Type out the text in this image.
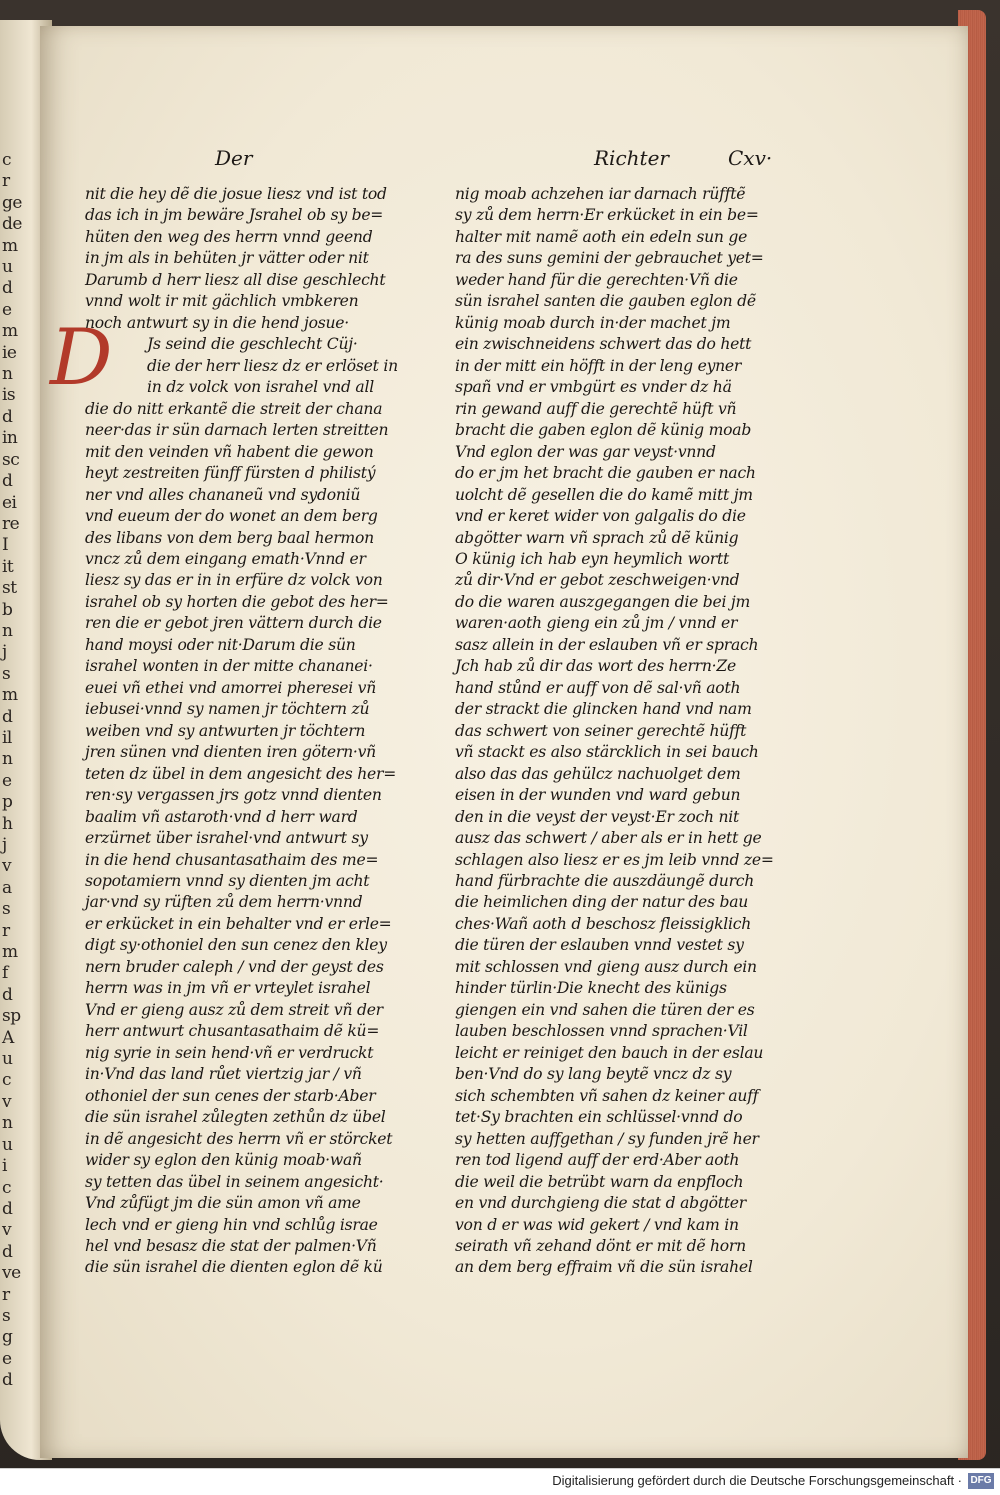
c
r
ge
de
m
u
d
e
m
ie
n
is
d
in
sc
d
ei
re
I
it
st
b
n
j
s
m
d
il
n
e
p
h
j
v
a
s
r
m
f
d
sp
A
u
c
v
n
u
i
c
d
v
d
ve
r
s
g
e
d
Der	Richter	Cxv·
D
nit die hey dẽ die josue liesz vnd ist tod
das ich in jm bewäre Jsrahel ob sy be=
hüten den weg des herrn vnnd geend
in jm als in behüten jr vätter oder nit
Darumb d herr liesz all dise geschlecht
vnnd wolt ir mit gächlich vmbkeren
noch antwurt sy in die hend josue·
Js seind die geschlecht Cüj·
die der herr liesz dz er erlöset in
in dz volck von israhel vnd all
die do nitt erkantẽ die streit der chana
neer·das ir sün darnach lerten streitten
mit den veinden vñ habent die gewon
heyt zestreiten fünff fürsten d philistý
ner vnd alles chananeũ vnd sydoniũ
vnd eueum der do wonet an dem berg
des libans von dem berg baal hermon
vncz zů dem eingang emath·Vnnd er
liesz sy das er in in erfüre dz volck von
israhel ob sy horten die gebot des her=
ren die er gebot jren vättern durch die
hand moysi oder nit·Darum die sün
israhel wonten in der mitte chananei·
euei vñ ethei vnd amorrei pheresei vñ
iebusei·vnnd sy namen jr töchtern zů
weiben vnd sy antwurten jr töchtern
jren sünen vnd dienten iren götern·vñ
teten dz übel in dem angesicht des her=
ren·sy vergassen jrs gotz vnnd dienten
baalim vñ astaroth·vnd d herr ward
erzürnet über israhel·vnd antwurt sy
in die hend chusantasathaim des me=
sopotamiern vnnd sy dienten jm acht
jar·vnd sy rüften zů dem herrn·vnnd
er erkücket in ein behalter vnd er erle=
digt sy·othoniel den sun cenez den kley
nern bruder caleph / vnd der geyst des
herrn was in jm vñ er vrteylet israhel
Vnd er gieng ausz zů dem streit vñ der
herr antwurt chusantasathaim dẽ kü=
nig syrie in sein hend·vñ er verdruckt
in·Vnd das land růet viertzig jar / vñ
othoniel der sun cenes der starb·Aber
die sün israhel zůlegten zethůn dz übel
in dẽ angesicht des herrn vñ er störcket
wider sy eglon den künig moab·wañ
sy tetten das übel in seinem angesicht·
Vnd zůfügt jm die sün amon vñ ame
lech vnd er gieng hin vnd schlůg israe
hel vnd besasz die stat der palmen·Vñ
die sün israhel die dienten eglon dẽ kü
nig moab achzehen iar darnach rüfftẽ
sy zů dem herrn·Er erkücket in ein be=
halter mit namẽ aoth ein edeln sun ge
ra des suns gemini der gebrauchet yet=
weder hand für die gerechten·Vñ die
sün israhel santen die gauben eglon dẽ
künig moab durch in·der machet jm
ein zwischneidens schwert das do hett
in der mitt ein höfft in der leng eyner
spañ vnd er vmbgürt es vnder dz hä
rin gewand auff die gerechtẽ hüft vñ
bracht die gaben eglon dẽ künig moab
Vnd eglon der was gar veyst·vnnd
do er jm het bracht die gauben er nach
uolcht dẽ gesellen die do kamẽ mitt jm
vnd er keret wider von galgalis do die
abgötter warn vñ sprach zů dẽ künig
O künig ich hab eyn heymlich wortt
zů dir·Vnd er gebot zeschweigen·vnd
do die waren auszgegangen die bei jm
waren·aoth gieng ein zů jm / vnnd er
sasz allein in der eslauben vñ er sprach
Jch hab zů dir das wort des herrn·Ze
hand stůnd er auff von dẽ sal·vñ aoth
der strackt die glincken hand vnd nam
das schwert von seiner gerechtẽ hüfft
vñ stackt es also stärcklich in sei bauch
also das das gehülcz nachuolget dem
eisen in der wunden vnd ward gebun
den in die veyst der veyst·Er zoch nit
ausz das schwert / aber als er in hett ge
schlagen also liesz er es jm leib vnnd ze=
hand fürbrachte die auszdäungẽ durch
die heimlichen ding der natur des bau
ches·Wañ aoth d beschosz fleissigklich
die türen der eslauben vnnd vestet sy
mit schlossen vnd gieng ausz durch ein
hinder türlin·Die knecht des künigs
giengen ein vnd sahen die türen der es
lauben beschlossen vnnd sprachen·Vil
leicht er reiniget den bauch in der eslau
ben·Vnd do sy lang beytẽ vncz dz sy
sich schembten vñ sahen dz keiner auff
tet·Sy brachten ein schlüssel·vnnd do
sy hetten auffgethan / sy funden jrẽ her
ren tod ligend auff der erd·Aber aoth
die weil die betrübt warn da enpfloch
en vnd durchgieng die stat d abgötter
von d er was wid gekert / vnd kam in
seirath vñ zehand dönt er mit dẽ horn
an dem berg effraim vñ die sün israhel
Digitalisierung gefördert durch die Deutsche Forschungsgemeinschaft · DFG
